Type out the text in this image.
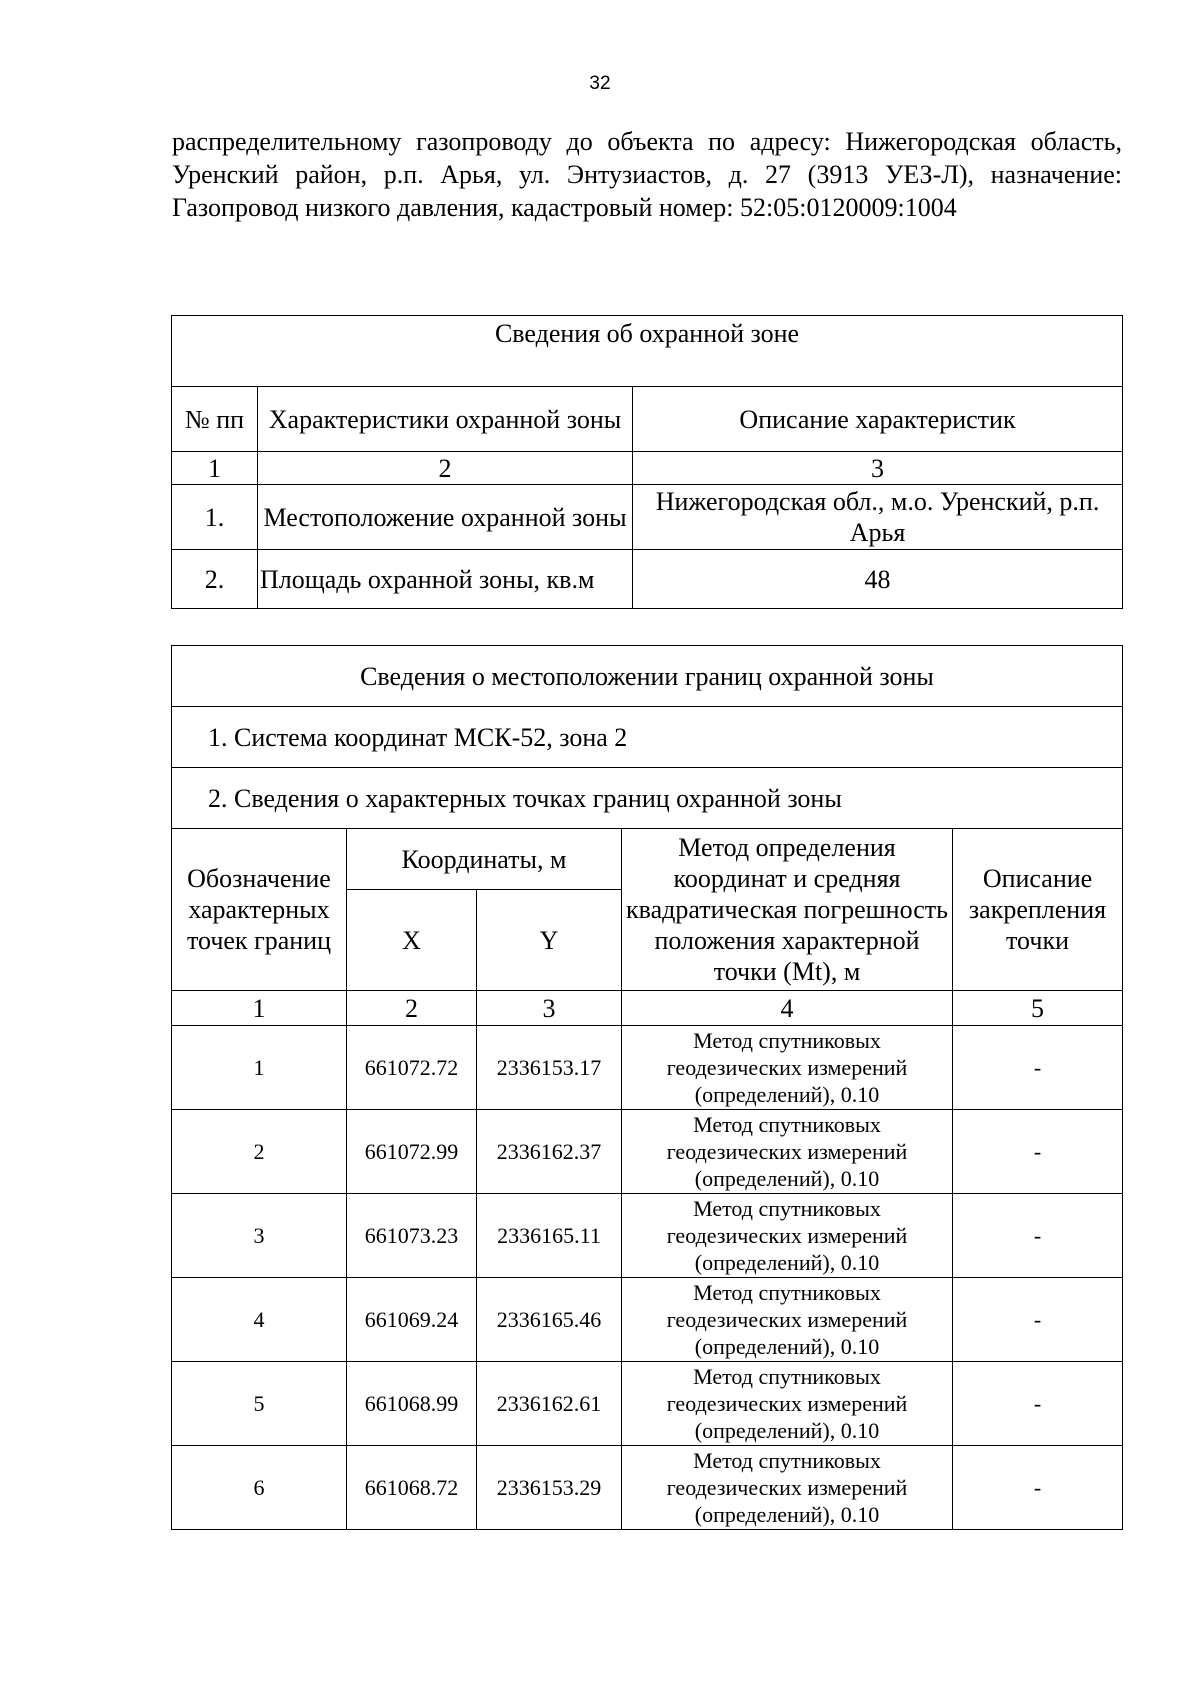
32

распределительному газопроводу до объекта по адресу: Нижегородская область, Уренский район, р.п. Арья, ул. Энтузиастов, д. 27 (3913 УЕЗ-Л), назначение: Газопровод низкого давления, кадастровый номер: 52:05:0120009:1004

Сведения об охранной зоне		
№ пп	Характеристики охранной зоны	Описание характеристик
1	2	3
1.	Местоположение охранной зоны	Нижегородская обл., м.о. Уренский, р.п. Арья
2.	Площадь охранной зоны, кв.м	48
Сведения о местоположении границ охранной зоны				
1. Система координат МСК-52, зона 2				
2. Сведения о характерных точках границ охранной зоны				
Обозначение характерных точек границ	Координаты, м		Метод определения координат и средняя квадратическая погрешность положения характерной точки (Mt), м	Описание закрепления точки
	X	Y		
1	2	3	4	5
1	661072.72	2336153.17	Метод спутниковых геодезических измерений (определений), 0.10	-
2	661072.99	2336162.37	Метод спутниковых геодезических измерений (определений), 0.10	-
3	661073.23	2336165.11	Метод спутниковых геодезических измерений (определений), 0.10	-
4	661069.24	2336165.46	Метод спутниковых геодезических измерений (определений), 0.10	-
5	661068.99	2336162.61	Метод спутниковых геодезических измерений (определений), 0.10	-
6	661068.72	2336153.29	Метод спутниковых геодезических измерений (определений), 0.10	-
